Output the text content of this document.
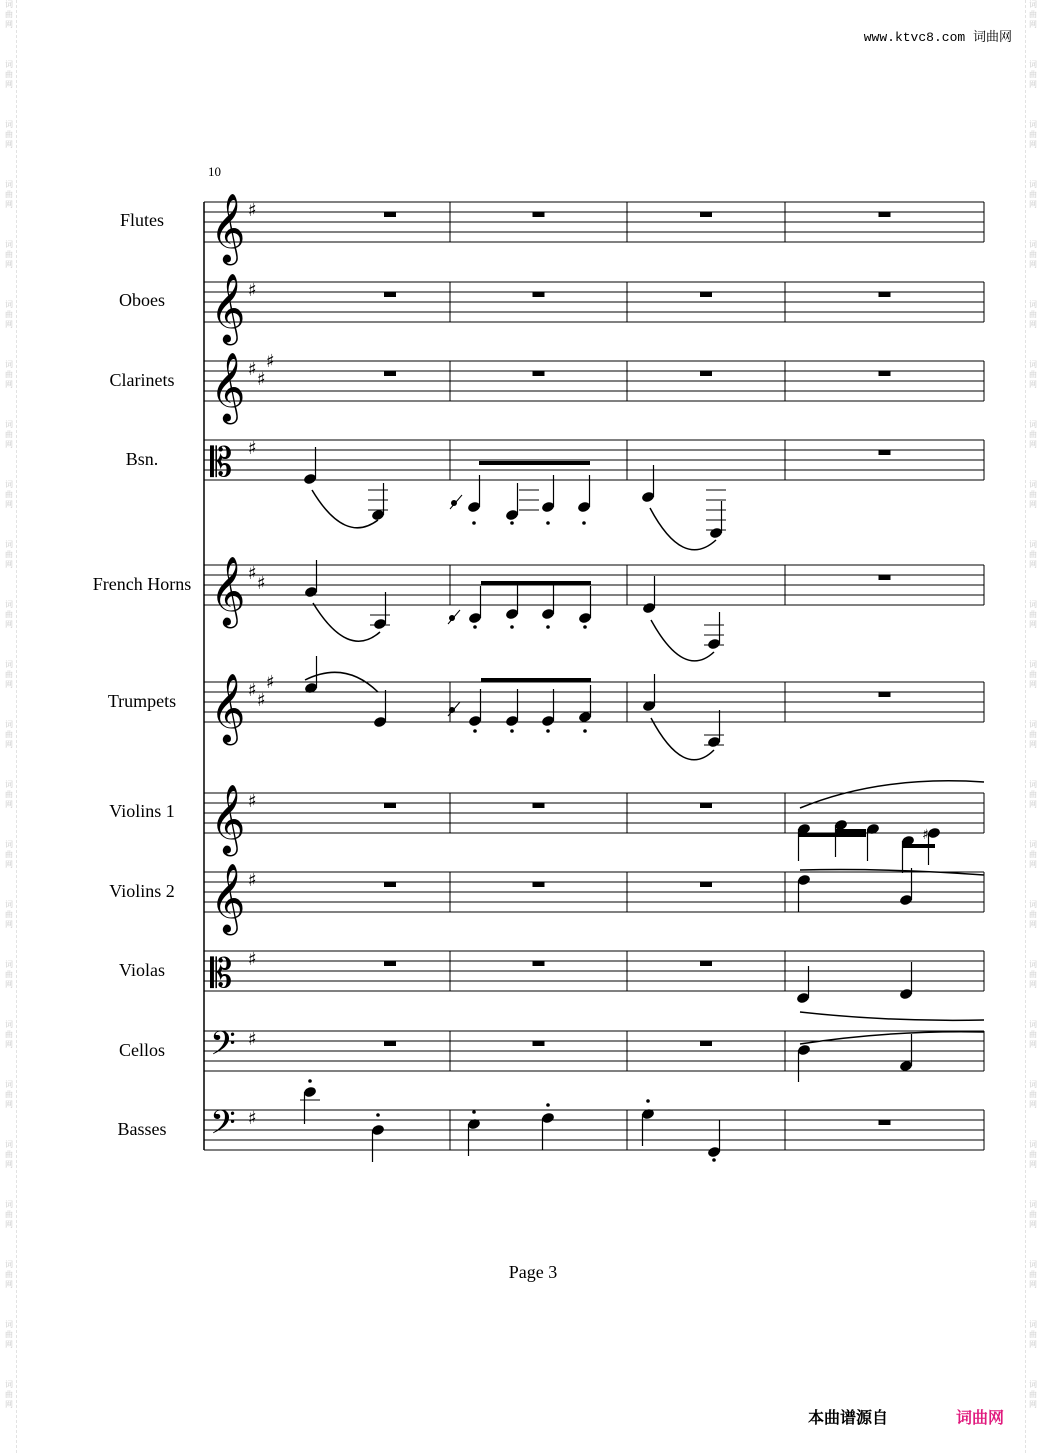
词
曲
网
词
曲
网
词
曲
网
词
曲
网
词
曲
网
词
曲
网
词
曲
网
词
曲
网
词
曲
网
词
曲
网
词
曲
网
词
曲
网
词
曲
网
词
曲
网
词
曲
网
词
曲
网
词
曲
网
词
曲
网
词
曲
网
词
曲
网
词
曲
网
词
曲
网
词
曲
网
词
曲
网
词
曲
网
词
曲
网
词
曲
网
词
曲
网
词
曲
网
词
曲
网
词
曲
网
词
曲
网
词
曲
网
词
曲
网
词
曲
网
词
曲
网
词
曲
网
词
曲
网
词
曲
网
词
曲
网
词
曲
网
词
曲
网
词
曲
网
词
曲
网
词
曲
网
词
曲
网
词
曲
网
词
曲
网
www.ktvc8.com 词曲网
10
Flutes
Oboes
Clarinets
Bsn.
French Horns
Trumpets
Violins 1
Violins 2
Violas
Cellos
Basses
𝄞 ♯
𝄞 ♯
𝄞 ♯ ♯
♯
𝄡 ♯
𝄞 ♯ ♯
𝄞 ♯ ♯
♯
𝄞 ♯
𝄞 ♯
𝄡 ♯
𝄢 ♯
𝄢 ♯
♯
Page 3
本曲谱源自	词曲网
